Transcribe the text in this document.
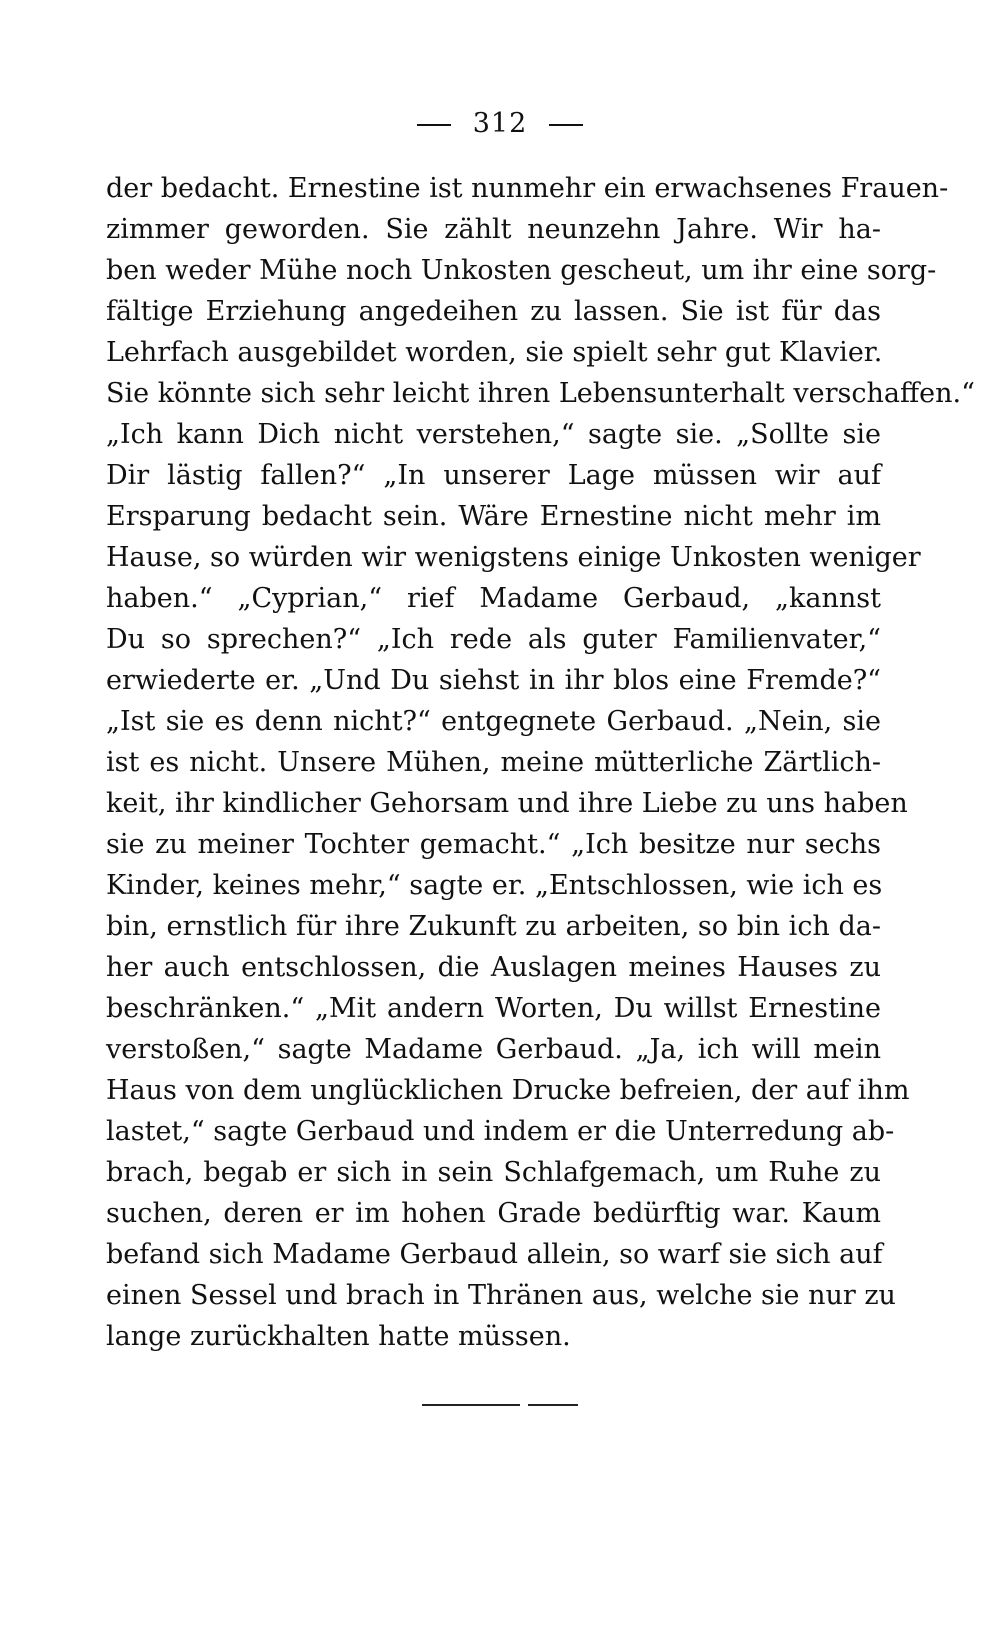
312
der bedacht. Ernestine ist nunmehr ein erwachsenes Frauen-
zimmer geworden. Sie zählt neunzehn Jahre. Wir ha-
ben weder Mühe noch Unkosten gescheut, um ihr eine sorg-
fältige Erziehung angedeihen zu lassen. Sie ist für das
Lehrfach ausgebildet worden, sie spielt sehr gut Klavier.
Sie könnte sich sehr leicht ihren Lebensunterhalt verschaffen.“
„Ich kann Dich nicht verstehen,“ sagte sie. „Sollte sie
Dir lästig fallen?“ „In unserer Lage müssen wir auf
Ersparung bedacht sein. Wäre Ernestine nicht mehr im
Hause, so würden wir wenigstens einige Unkosten weniger
haben.“ „Cyprian,“ rief Madame Gerbaud, „kannst
Du so sprechen?“ „Ich rede als guter Familienvater,“
erwiederte er. „Und Du siehst in ihr blos eine Fremde?“
„Ist sie es denn nicht?“ entgegnete Gerbaud. „Nein, sie
ist es nicht. Unsere Mühen, meine mütterliche Zärtlich-
keit, ihr kindlicher Gehorsam und ihre Liebe zu uns haben
sie zu meiner Tochter gemacht.“ „Ich besitze nur sechs
Kinder, keines mehr,“ sagte er. „Entschlossen, wie ich es
bin, ernstlich für ihre Zukunft zu arbeiten, so bin ich da-
her auch entschlossen, die Auslagen meines Hauses zu
beschränken.“ „Mit andern Worten, Du willst Ernestine
verstoßen,“ sagte Madame Gerbaud. „Ja, ich will mein
Haus von dem unglücklichen Drucke befreien, der auf ihm
lastet,“ sagte Gerbaud und indem er die Unterredung ab-
brach, begab er sich in sein Schlafgemach, um Ruhe zu
suchen, deren er im hohen Grade bedürftig war. Kaum
befand sich Madame Gerbaud allein, so warf sie sich auf
einen Sessel und brach in Thränen aus, welche sie nur zu
lange zurückhalten hatte müssen.
